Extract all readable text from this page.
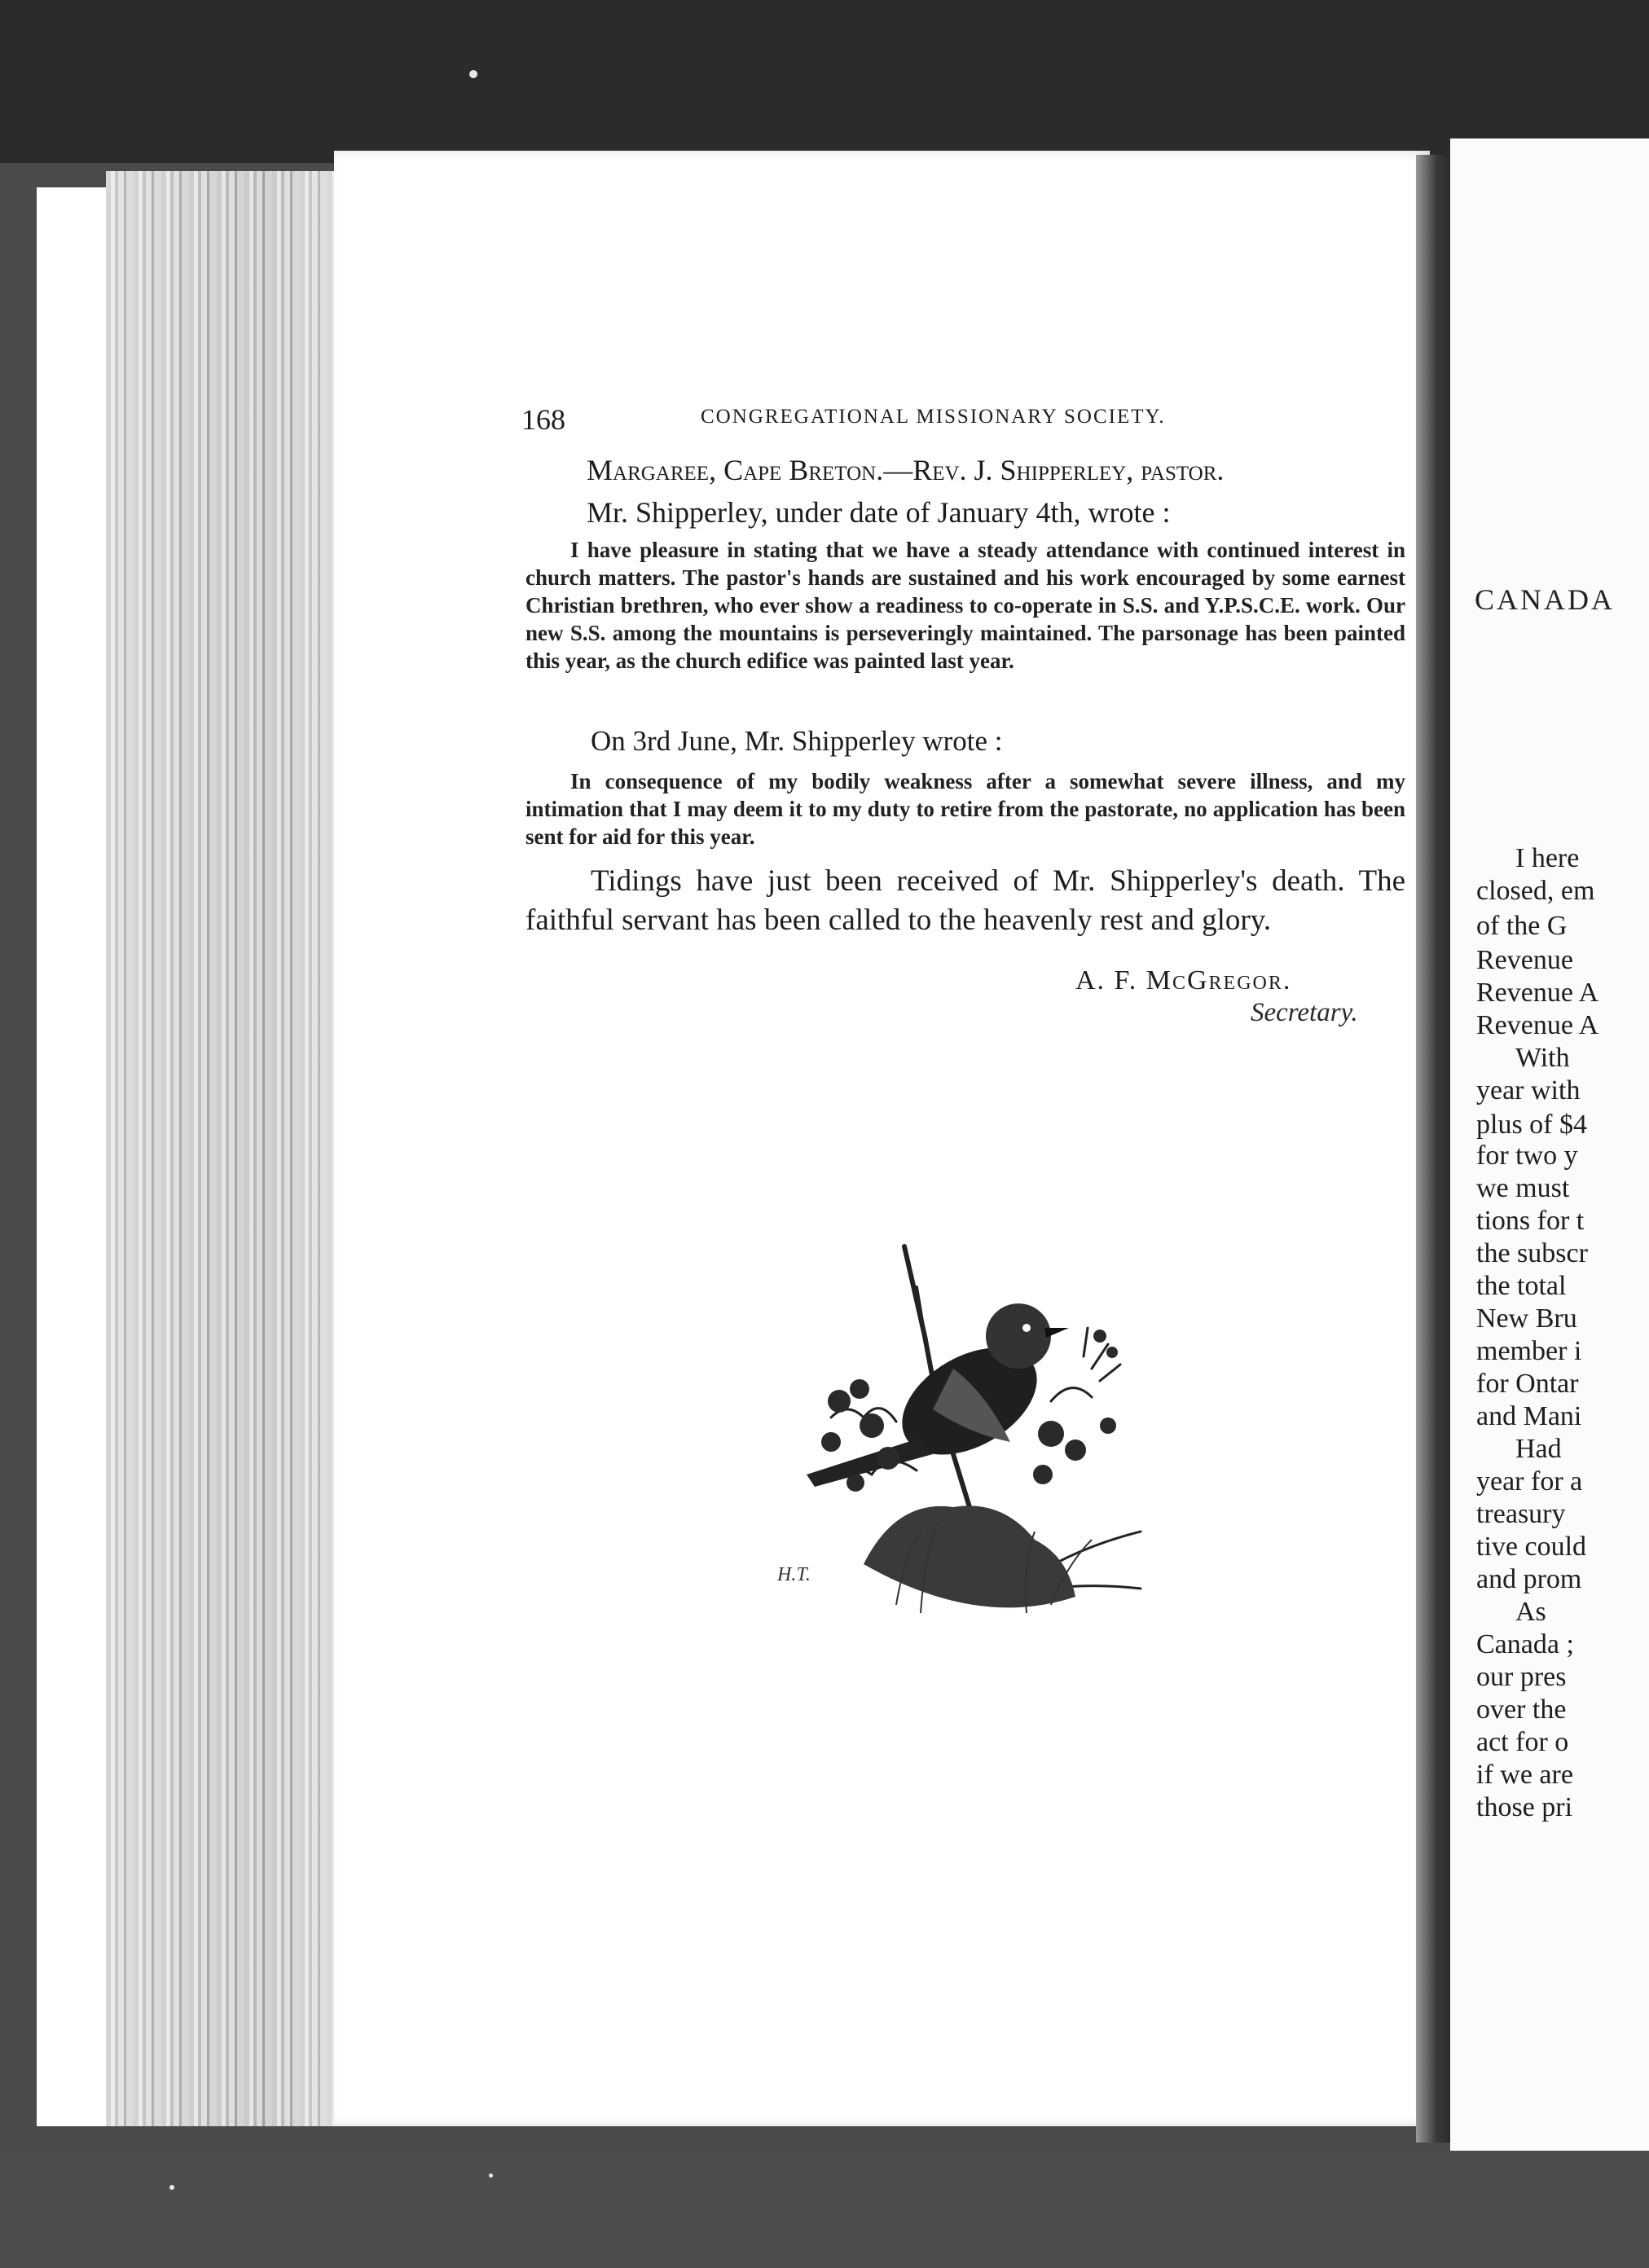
CANADA
I here
closed, em
of the G
Revenue
Revenue A
Revenue A
With
year with
plus of $4
for two y
we must
tions for t
the subscr
the total
New Bru
member i
for Ontar
and Mani
Had
year for a
treasury
tive could
and prom
As
Canada ;
our pres
over the
act for o
if we are
those pri
168	CONGREGATIONAL MISSIONARY SOCIETY.
Margaree, Cape Breton.—Rev. J. Shipperley, pastor.
Mr. Shipperley, under date of January 4th, wrote :
I have pleasure in stating that we have a steady attendance with continued interest in church matters. The pastor's hands are sustained and his work encouraged by some earnest Christian brethren, who ever show a readiness to co-operate in S.S. and Y.P.S.C.E. work. Our new S.S. among the mountains is perseveringly maintained. The parsonage has been painted this year, as the church edifice was painted last year.
On 3rd June, Mr. Shipperley wrote :
In consequence of my bodily weakness after a somewhat severe illness, and my intimation that I may deem it to my duty to retire from the pastorate, no application has been sent for aid for this year.
Tidings have just been received of Mr. Shipperley's death. The faithful servant has been called to the heavenly rest and glory.
A. F. McGregor.
Secretary.
H.T.
